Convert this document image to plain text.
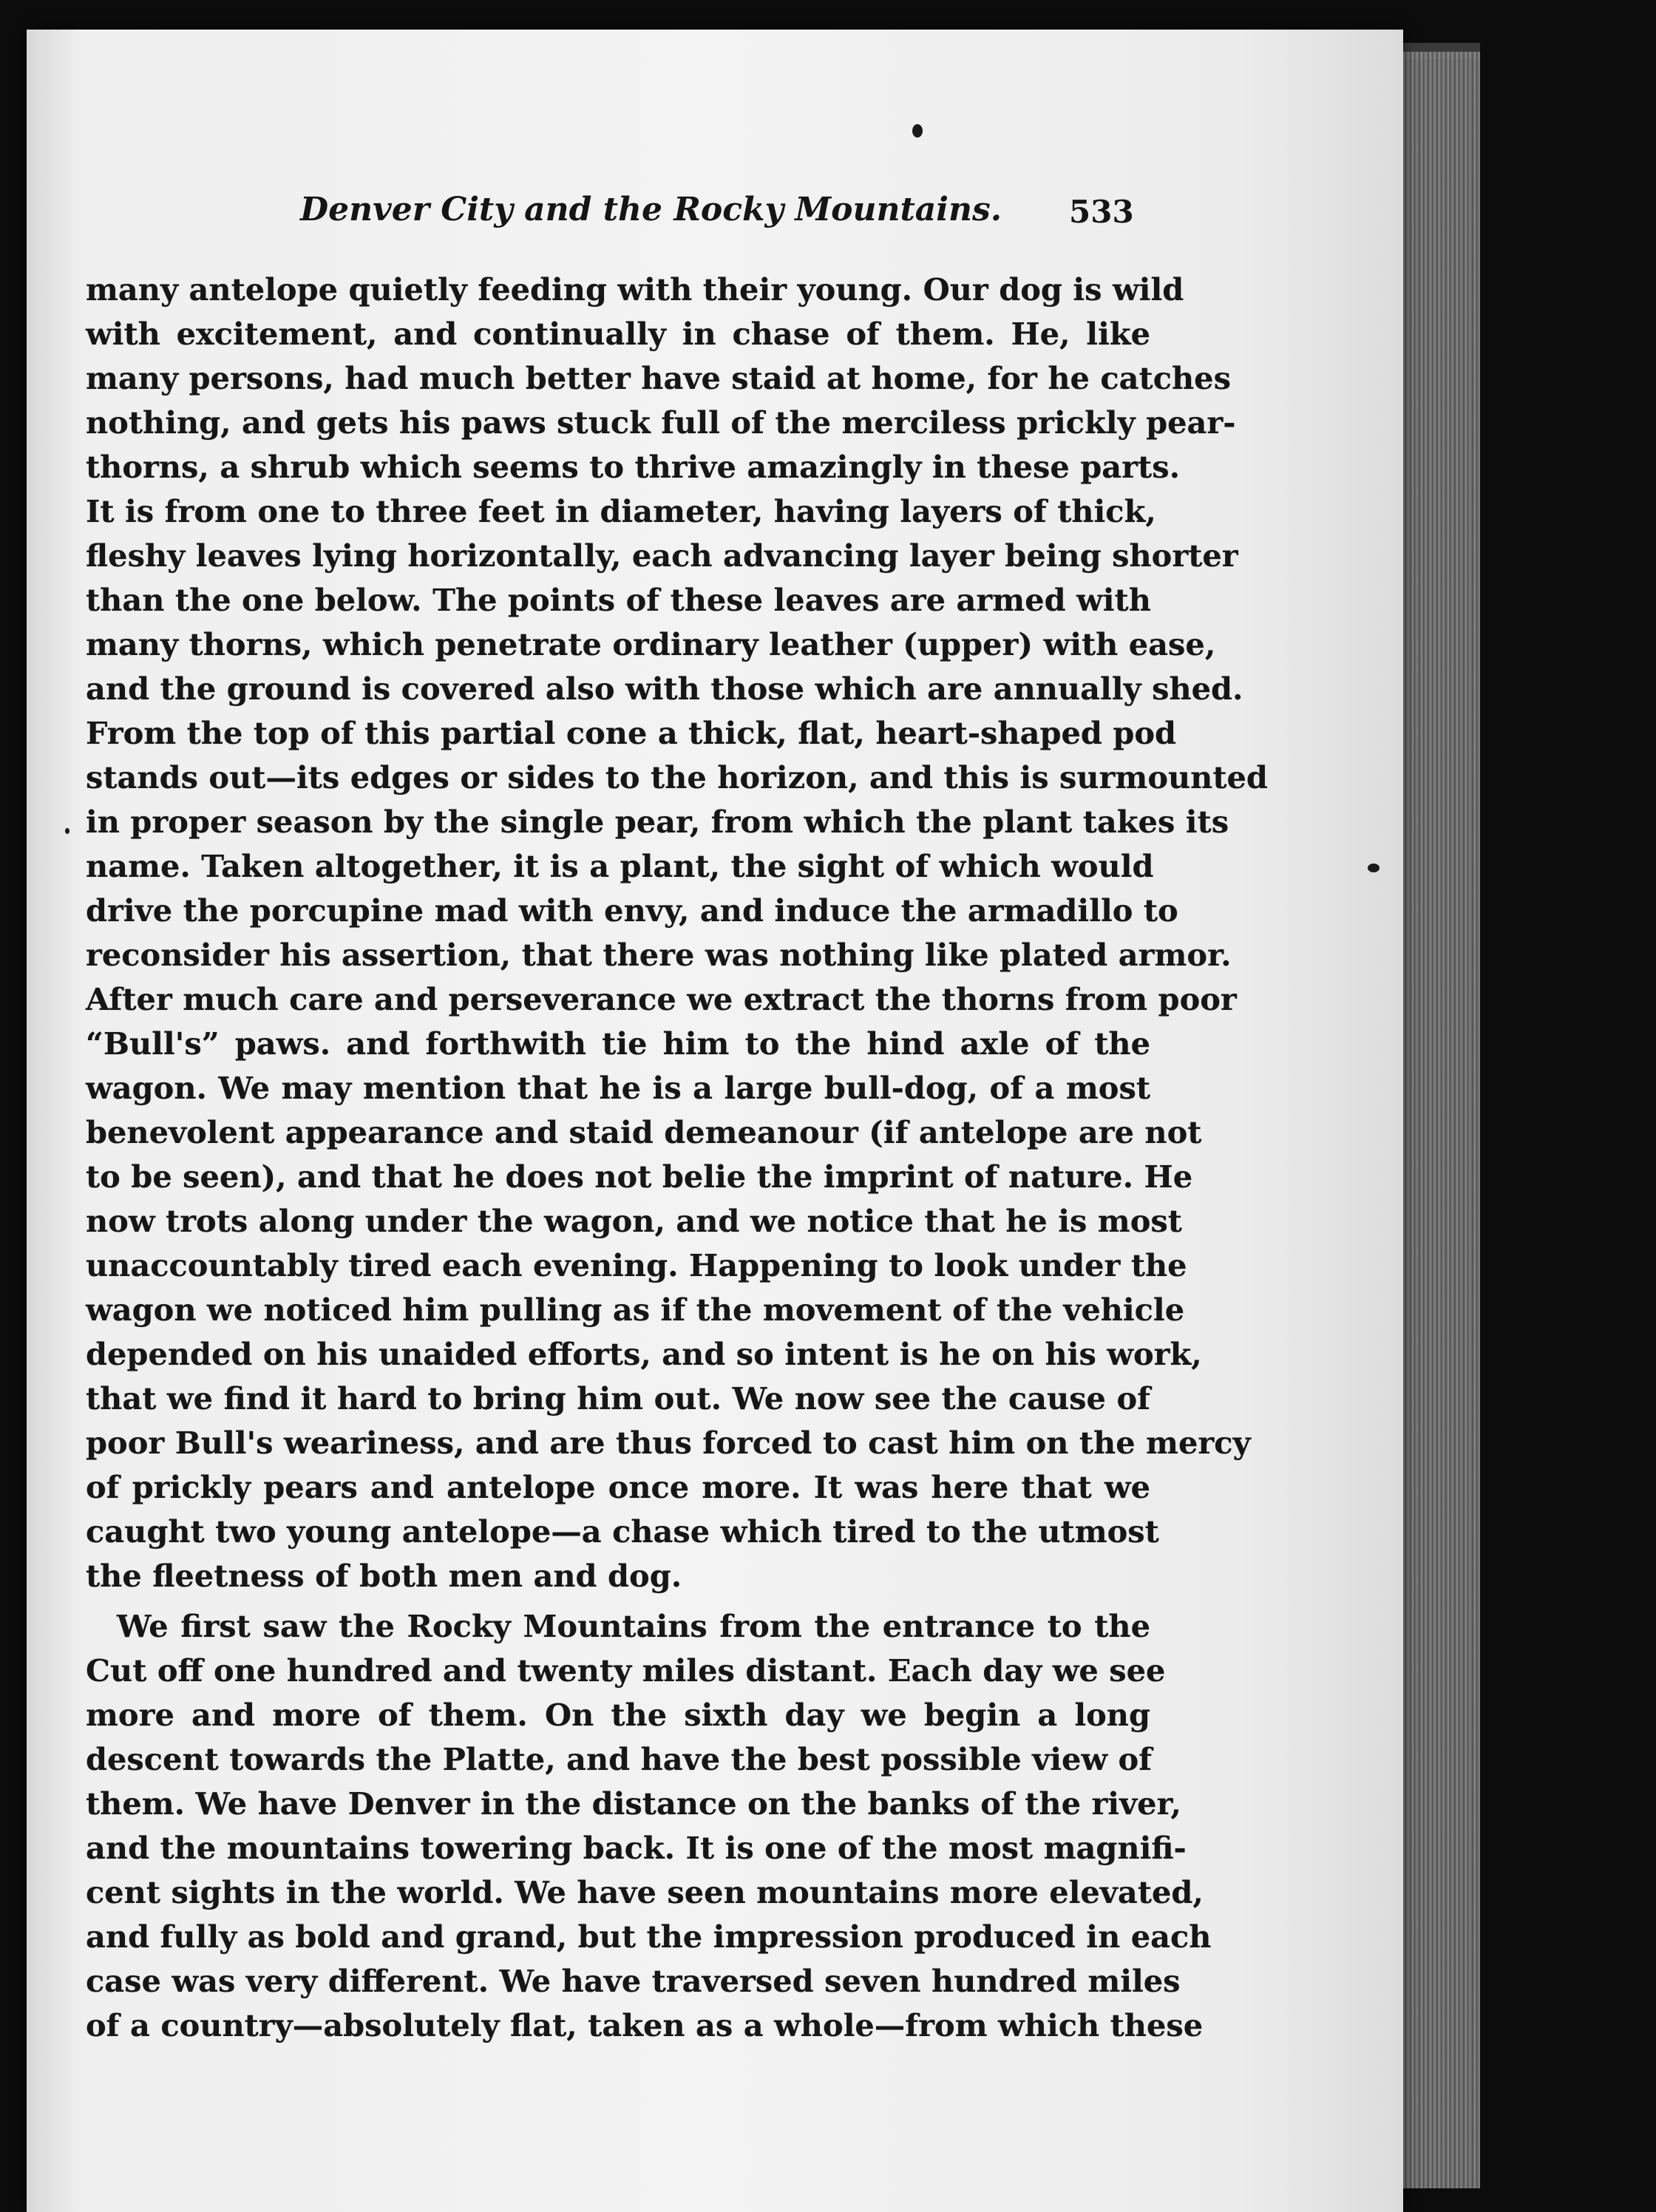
Denver City and the Rocky Mountains. 533
many antelope quietly feeding with their young. Our dog is wild
with excitement, and continually in chase of them. He, like
many persons, had much better have staid at home, for he catches
nothing, and gets his paws stuck full of the merciless prickly pear-
thorns, a shrub which seems to thrive amazingly in these parts.
It is from one to three feet in diameter, having layers of thick,
fleshy leaves lying horizontally, each advancing layer being shorter
than the one below. The points of these leaves are armed with
many thorns, which penetrate ordinary leather (upper) with ease,
and the ground is covered also with those which are annually shed.
From the top of this partial cone a thick, flat, heart-shaped pod
stands out—its edges or sides to the horizon, and this is surmounted
in proper season by the single pear, from which the plant takes its
name. Taken altogether, it is a plant, the sight of which would
drive the porcupine mad with envy, and induce the armadillo to
reconsider his assertion, that there was nothing like plated armor.
After much care and perseverance we extract the thorns from poor
“Bull's” paws. and forthwith tie him to the hind axle of the
wagon. We may mention that he is a large bull-dog, of a most
benevolent appearance and staid demeanour (if antelope are not
to be seen), and that he does not belie the imprint of nature. He
now trots along under the wagon, and we notice that he is most
unaccountably tired each evening. Happening to look under the
wagon we noticed him pulling as if the movement of the vehicle
depended on his unaided efforts, and so intent is he on his work,
that we find it hard to bring him out. We now see the cause of
poor Bull's weariness, and are thus forced to cast him on the mercy
of prickly pears and antelope once more. It was here that we
caught two young antelope—a chase which tired to the utmost
the fleetness of both men and dog.
We first saw the Rocky Mountains from the entrance to the
Cut off one hundred and twenty miles distant. Each day we see
more and more of them. On the sixth day we begin a long
descent towards the Platte, and have the best possible view of
them. We have Denver in the distance on the banks of the river,
and the mountains towering back. It is one of the most magnifi-
cent sights in the world. We have seen mountains more elevated,
and fully as bold and grand, but the impression produced in each
case was very different. We have traversed seven hundred miles
of a country—absolutely flat, taken as a whole—from which these
